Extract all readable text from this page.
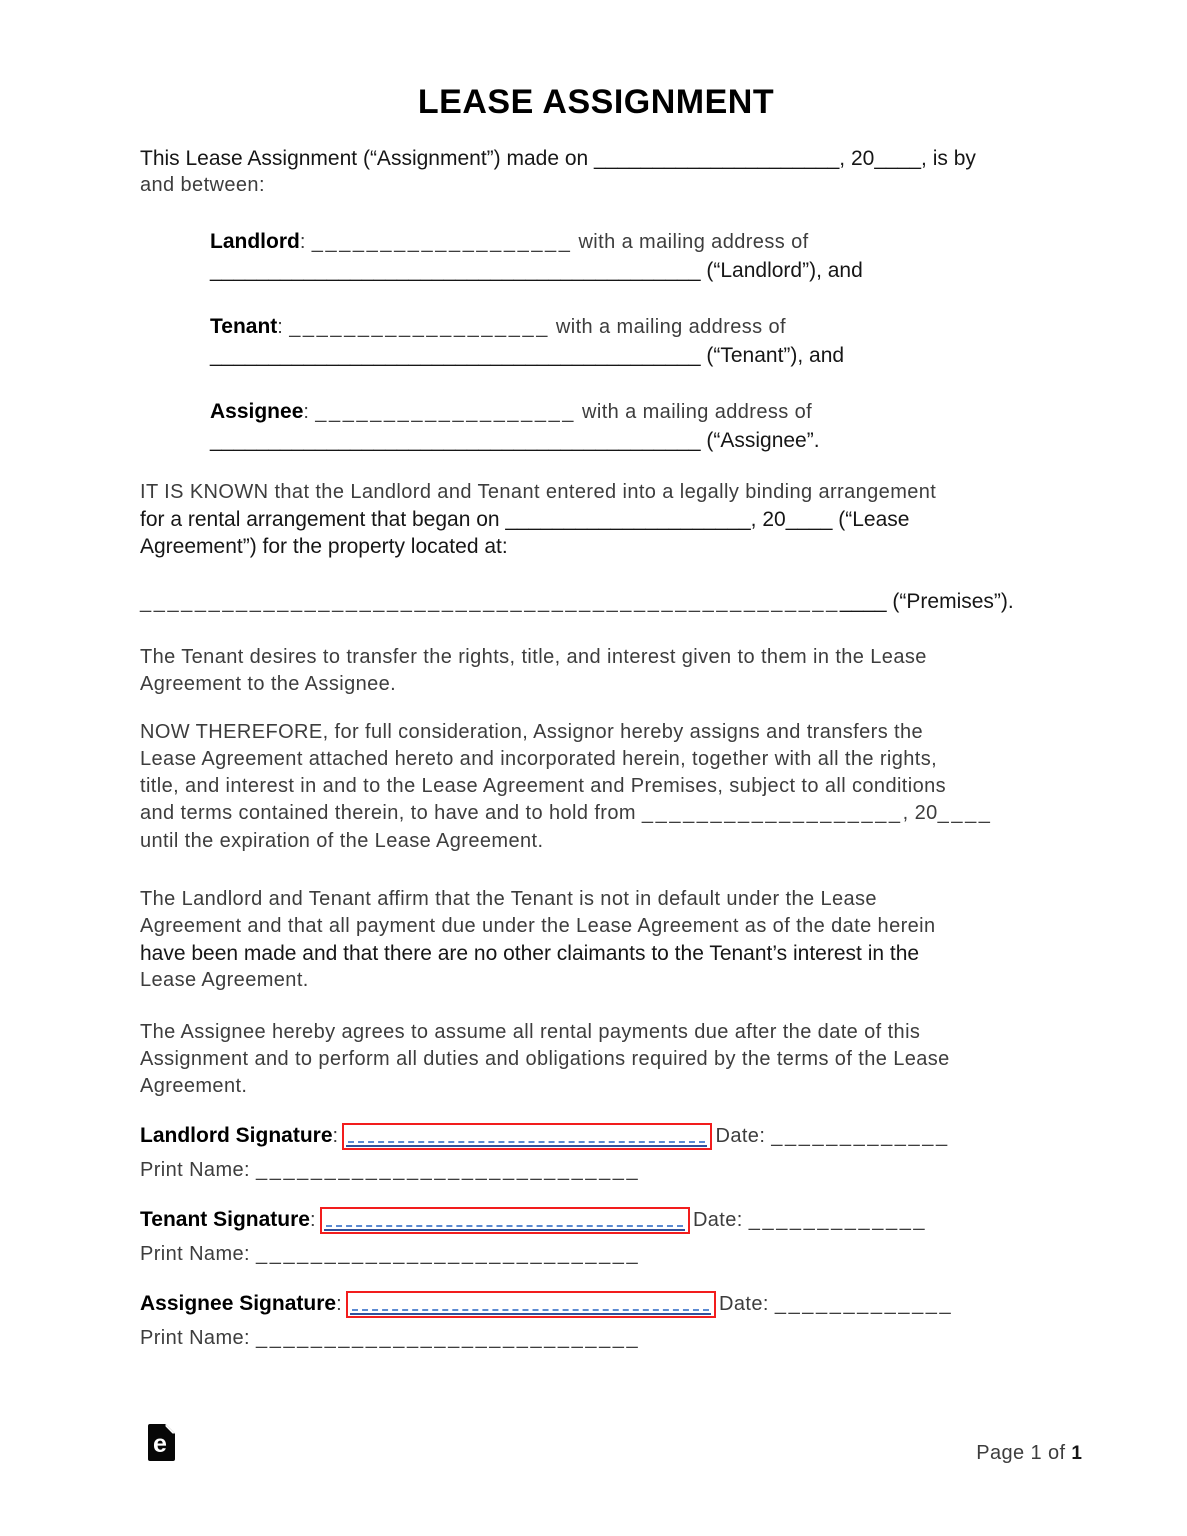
LEASE ASSIGNMENT
This Lease Assignment (“Assignment”) made on _____________________, 20____, is by
and between:
Landlord: ___________________ with a mailing address of
__________________________________________ (“Landlord”), and
Tenant: ___________________ with a mailing address of
__________________________________________ (“Tenant”), and
Assignee: ___________________ with a mailing address of
__________________________________________ (“Assignee”.
IT IS KNOWN that the Landlord and Tenant entered into a legally binding arrangement
for a rental arrangement that began on _____________________, 20____ (“Lease
Agreement”) for the property located at:
_______________________________________________________ (“Premises”).
The Tenant desires to transfer the rights, title, and interest given to them in the Lease
Agreement to the Assignee.
NOW THEREFORE, for full consideration, Assignor hereby assigns and transfers the
Lease Agreement attached hereto and incorporated herein, together with all the rights,
title, and interest in and to the Lease Agreement and Premises, subject to all conditions
and terms contained therein, to have and to hold from ___________________, 20____
until the expiration of the Lease Agreement.
The Landlord and Tenant affirm that the Tenant is not in default under the Lease
Agreement and that all payment due under the Lease Agreement as of the date herein
have been made and that there are no other claimants to the Tenant’s interest in the
Lease Agreement.
The Assignee hereby agrees to assume all rental payments due after the date of this
Assignment and to perform all duties and obligations required by the terms of the Lease
Agreement.
Landlord Signature:	Date: _____________
Print Name: ____________________________
Tenant Signature:	Date: _____________
Print Name: ____________________________
Assignee Signature:	Date: _____________
Print Name: ____________________________
e	Page 1 of 1
